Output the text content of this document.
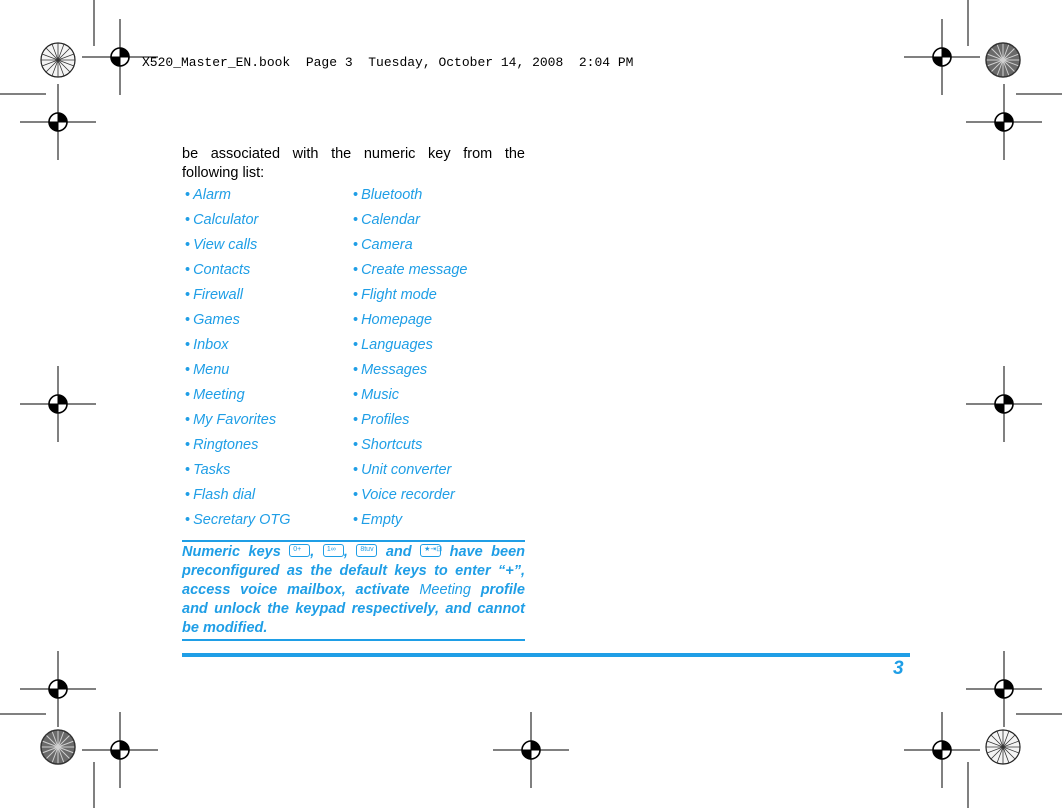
X520_Master_EN.book  Page 3  Tuesday, October 14, 2008  2:04 PM
be associated with the numeric key from the following list:
• Alarm
• Calculator
• View calls
• Contacts
• Firewall
• Games
• Inbox
• Menu
• Meeting
• My Favorites
• Ringtones
• Tasks
• Flash dial
• Secretary OTG
• Bluetooth
• Calendar
• Camera
• Create message
• Flight mode
• Homepage
• Languages
• Messages
• Music
• Profiles
• Shortcuts
• Unit converter
• Voice recorder
• Empty
Numeric keys 0+ , 1∞ , 8tuv and ★⇥⊡ have been preconfigured as the default keys to enter “+”, access voice mailbox, activate Meeting profile and unlock the keypad respectively, and cannot be modified.
3
